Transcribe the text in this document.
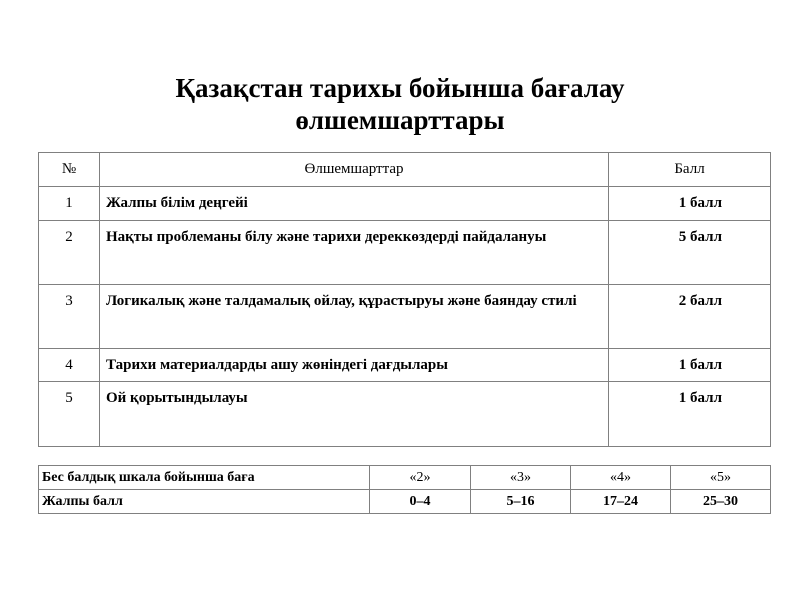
Қазақстан тарихы бойынша бағалау
өлшемшарттары
№	Өлшемшарттар	Балл
1	Жалпы білім деңгейі	1 балл
2	Нақты проблеманы білу және тарихи дереккөздерді пайдалануы	5 балл
3	Логикалық және талдамалық ойлау, құрастыруы және баяндау стилі	2 балл
4	Тарихи материалдарды ашу жөніндегі дағдылары	1 балл
5	Ой қорытындылауы	1 балл
Бес балдық шкала бойынша баға	«2»	«3»	«4»	«5»
Жалпы балл	0–4	5–16	17–24	25–30
